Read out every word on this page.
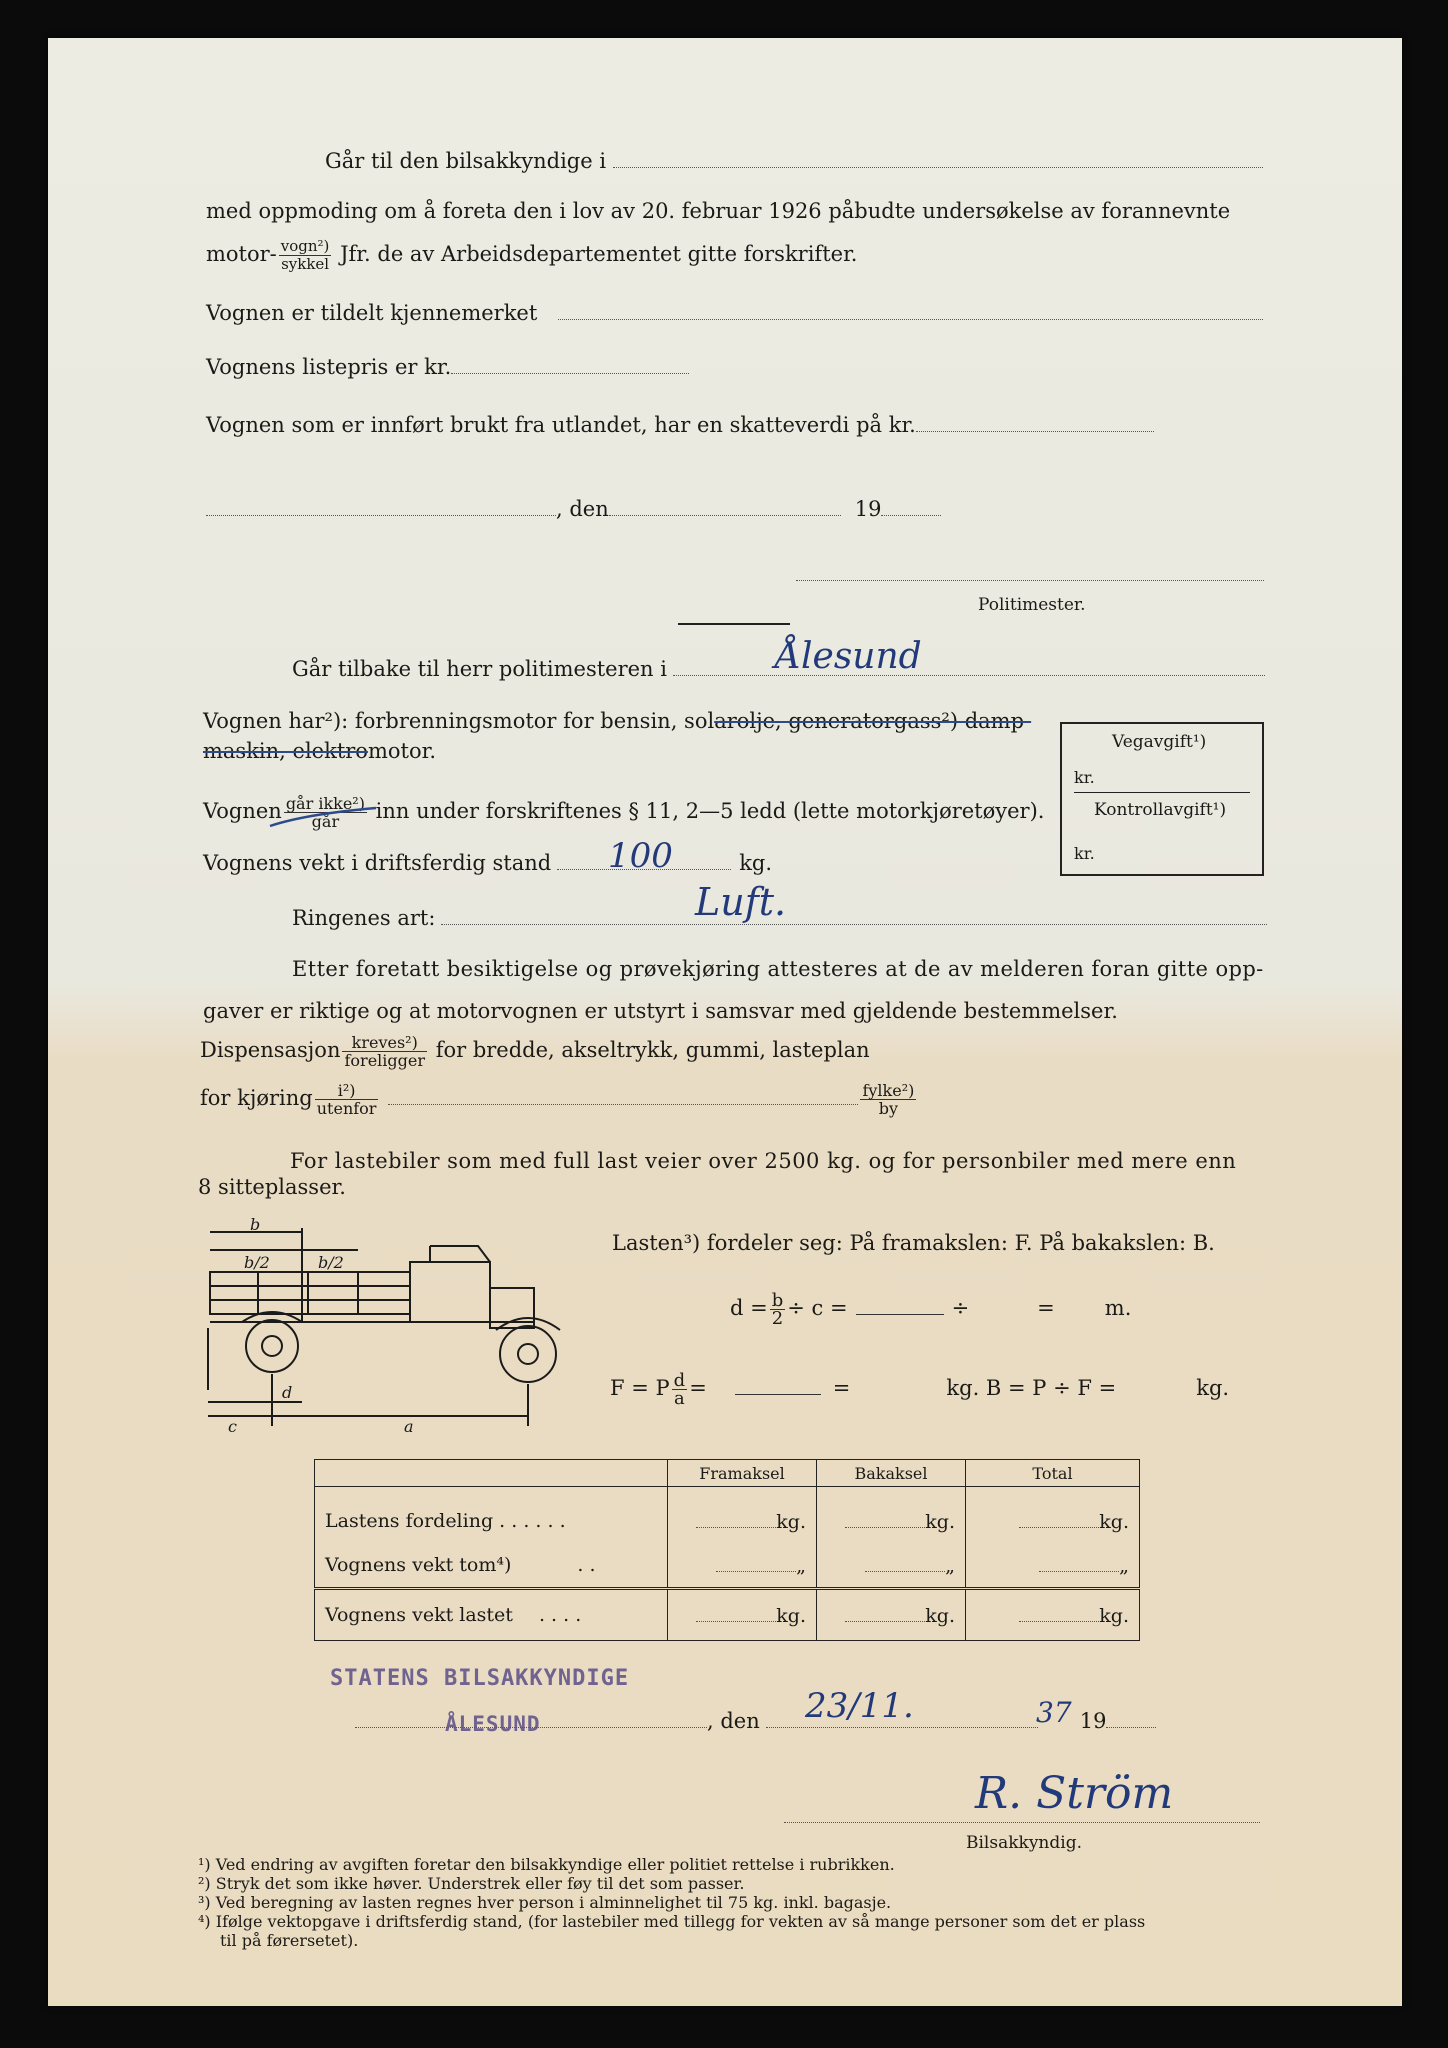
Går til den bilsakkyndige i
med oppmoding om å foreta den i lov av 20. februar 1926 påbudte undersøkelse av forannevnte
motor- $\frac{\text{vogn²)}}{\text{sykkel}}$ Jfr. de av Arbeidsdepartementet gitte forskrifter.
Vognen er tildelt kjennemerket
Vognens listepris er kr.
Vognen som er innført brukt fra utlandet, har en skatteverdi på kr.
, den	19
Politimester.
Går tilbake til herr politimesteren i	Ålesund
Vognen har²): forbrenningsmotor for bensin, solarolje, generatorgass²) damp-
maskin, elektromotor.
Vognen $\frac{\text{går ikke²)}}{\text{går}}$ inn under forskriftenes § 11, 2—5 ledd (lette motorkjøretøyer).
Vognens vekt i driftsferdig stand	kg.
100
Ringenes art:	Luft.
Etter foretatt besiktigelse og prøvekjøring attesteres at de av melderen foran gitte opp-
gaver er riktige og at motorvognen er utstyrt i samsvar med gjeldende bestemmelser.
Dispensasjon $\frac{\text{kreves²)}}{\text{foreligger}}$ for bredde, akseltrykk, gummi, lasteplan
for kjøring $\frac{\text{i²)}}{\text{utenfor}}$	$\frac{\text{fylke²)}}{by}$
For lastebiler som med full last veier over 2500 kg. og for personbiler med mere enn
8 sitteplasser.
Vegavgift¹)
kr.
Kontrollavgift¹)
kr.
b
b/2	b/2
c
d
a
Lasten³) fordeler seg: På framakslen: F. På bakakslen: B.
$d = \frac{b}{2} \div c$ =	÷	= m.
F = P $\frac{d}{a}$ =	=	kg. B = P ÷ F =	kg.
	Framaksel	Bakaksel	Total
Lastens fordeling . . . . . .	kg.	kg.	kg.
Vognens vekt tom⁴) . .	„	„	„
Vognens vekt lastet . . . .	kg.	kg.	kg.
STATENS BILSAKKYNDIGE
ÅLESUND	, den	19
23/11.	37
R. Ström
Bilsakkyndig.
¹) Ved endring av avgiften foretar den bilsakkyndige eller politiet rettelse i rubrikken.
²) Stryk det som ikke høver. Understrek eller føy til det som passer.
³) Ved beregning av lasten regnes hver person i alminnelighet til 75 kg. inkl. bagasje.
⁴) Ifølge vektopgave i driftsferdig stand, (for lastebiler med tillegg for vekten av så mange personer som det er plass
til på førersetet).
